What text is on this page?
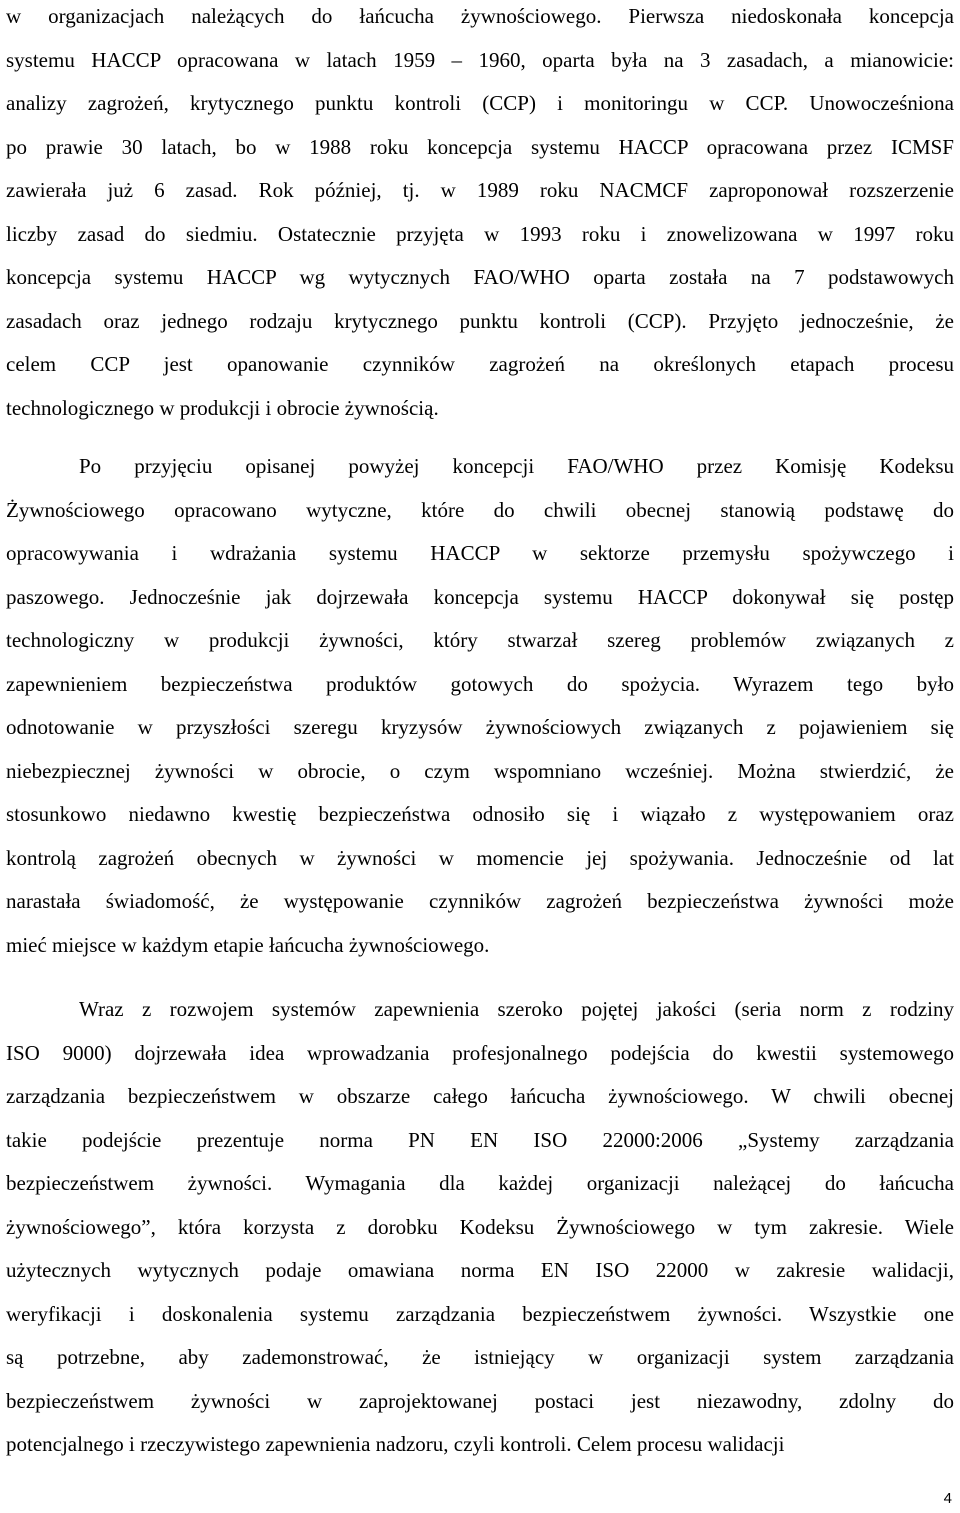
w organizacjach należących do łańcucha żywnościowego. Pierwsza niedoskonała koncepcja
systemu HACCP opracowana w latach 1959 – 1960, oparta była na 3 zasadach, a mianowicie:
analizy zagrożeń, krytycznego punktu kontroli (CCP) i monitoringu w CCP. Unowocześniona
po prawie 30 latach, bo w 1988 roku koncepcja systemu HACCP opracowana przez ICMSF
zawierała już 6 zasad. Rok później, tj. w 1989 roku NACMCF zaproponował rozszerzenie
liczby zasad do siedmiu. Ostatecznie przyjęta w 1993 roku i znowelizowana w 1997 roku
koncepcja systemu HACCP wg wytycznych FAO/WHO oparta została na 7 podstawowych
zasadach oraz jednego rodzaju krytycznego punktu kontroli (CCP). Przyjęto jednocześnie, że
celem CCP jest opanowanie czynników zagrożeń na określonych etapach procesu
technologicznego w produkcji i obrocie żywnością.
Po przyjęciu opisanej powyżej koncepcji FAO/WHO przez Komisję Kodeksu
Żywnościowego opracowano wytyczne, które do chwili obecnej stanowią podstawę do
opracowywania i wdrażania systemu HACCP w sektorze przemysłu spożywczego i
paszowego. Jednocześnie jak dojrzewała koncepcja systemu HACCP dokonywał się postęp
technologiczny w produkcji żywności, który stwarzał szereg problemów związanych z
zapewnieniem bezpieczeństwa produktów gotowych do spożycia. Wyrazem tego było
odnotowanie w przyszłości szeregu kryzysów żywnościowych związanych z pojawieniem się
niebezpiecznej żywności w obrocie, o czym wspomniano wcześniej. Można stwierdzić, że
stosunkowo niedawno kwestię bezpieczeństwa odnosiło się i wiązało z występowaniem oraz
kontrolą zagrożeń obecnych w żywności w momencie jej spożywania. Jednocześnie od lat
narastała świadomość, że występowanie czynników zagrożeń bezpieczeństwa żywności może
mieć miejsce w każdym etapie łańcucha żywnościowego.
Wraz z rozwojem systemów zapewnienia szeroko pojętej jakości (seria norm z rodziny
ISO 9000) dojrzewała idea wprowadzania profesjonalnego podejścia do kwestii systemowego
zarządzania bezpieczeństwem w obszarze całego łańcucha żywnościowego. W chwili obecnej
takie podejście prezentuje norma PN EN ISO 22000:2006 „Systemy zarządzania
bezpieczeństwem żywności. Wymagania dla każdej organizacji należącej do łańcucha
żywnościowego”, która korzysta z dorobku Kodeksu Żywnościowego w tym zakresie. Wiele
użytecznych wytycznych podaje omawiana norma EN ISO 22000 w zakresie walidacji,
weryfikacji i doskonalenia systemu zarządzania bezpieczeństwem żywności. Wszystkie one
są potrzebne, aby zademonstrować, że istniejący w organizacji system zarządzania
bezpieczeństwem żywności w zaprojektowanej postaci jest niezawodny, zdolny do
potencjalnego i rzeczywistego zapewnienia nadzoru, czyli kontroli. Celem procesu walidacji
4
